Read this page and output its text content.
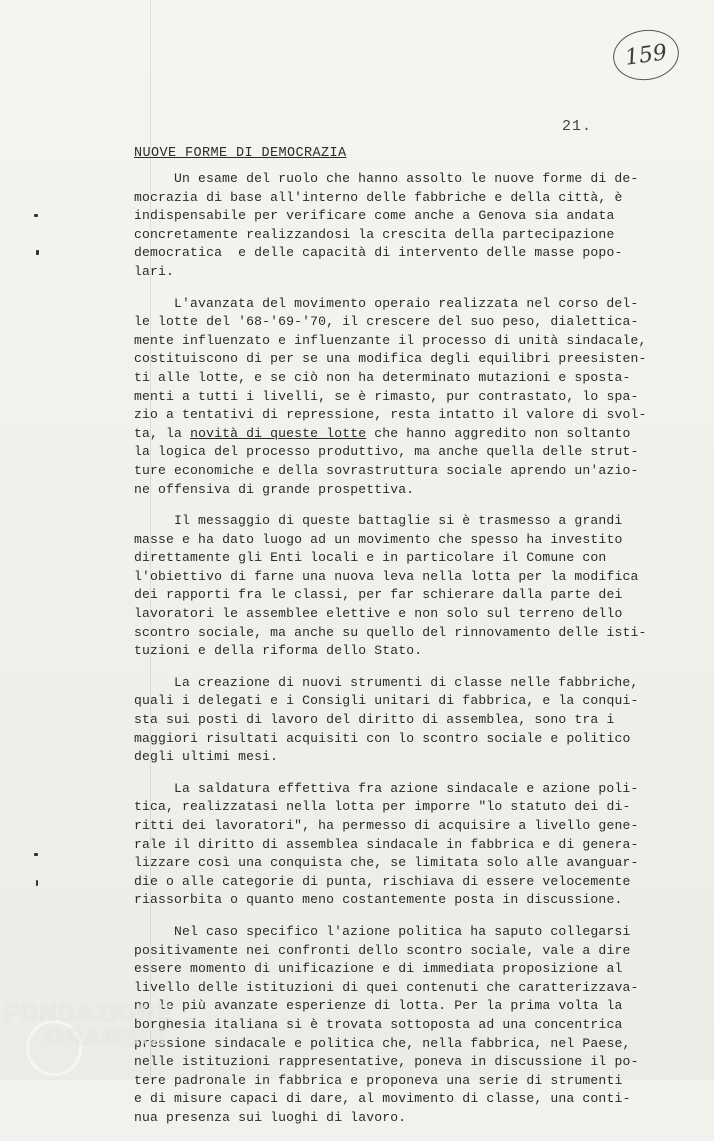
159
21.
NUOVE FORME DI DEMOCRAZIA
Un esame del ruolo che hanno assolto le nuove forme di de-
mocrazia di base all'interno delle fabbriche e della città, è
indispensabile per verificare come anche a Genova sia andata
concretamente realizzandosi la crescita della partecipazione
democratica  e delle capacità di intervento delle masse popo-
lari.
L'avanzata del movimento operaio realizzata nel corso del-
le lotte del '68-'69-'70, il crescere del suo peso, dialettica-
mente influenzato e influenzante il processo di unità sindacale,
costituiscono di per se una modifica degli equilibri preesisten-
ti alle lotte, e se ciò non ha determinato mutazioni e sposta-
menti a tutti i livelli, se è rimasto, pur contrastato, lo spa-
zio a tentativi di repressione, resta intatto il valore di svol-
ta, la novità di queste lotte che hanno aggredito non soltanto
la logica del processo produttivo, ma anche quella delle strut-
ture economiche e della sovrastruttura sociale aprendo un'azio-
ne offensiva di grande prospettiva.
Il messaggio di queste battaglie si è trasmesso a grandi
masse e ha dato luogo ad un movimento che spesso ha investito
direttamente gli Enti locali e in particolare il Comune con
l'obiettivo di farne una nuova leva nella lotta per la modifica
dei rapporti fra le classi, per far schierare dalla parte dei
lavoratori le assemblee elettive e non solo sul terreno dello
scontro sociale, ma anche su quello del rinnovamento delle isti-
tuzioni e della riforma dello Stato.
La creazione di nuovi strumenti di classe nelle fabbriche,
quali i delegati e i Consigli unitari di fabbrica, e la conqui-
sta sui posti di lavoro del diritto di assemblea, sono tra i
maggiori risultati acquisiti con lo scontro sociale e politico
degli ultimi mesi.
La saldatura effettiva fra azione sindacale e azione poli-
tica, realizzatasi nella lotta per imporre "lo statuto dei di-
ritti dei lavoratori", ha permesso di acquisire a livello gene-
rale il diritto di assemblea sindacale in fabbrica e di genera-
lizzare così una conquista che, se limitata solo alle avanguar-
die o alle categorie di punta, rischiava di essere velocemente
riassorbita o quanto meno costantemente posta in discussione.
Nel caso specifico l'azione politica ha saputo collegarsi
positivamente nei confronti dello scontro sociale, vale a dire
essere momento di unificazione e di immediata proposizione al
livello delle istituzioni di quei contenuti che caratterizzava-
no le più avanzate esperienze di lotta. Per la prima volta la
borghesia italiana si è trovata sottoposta ad una concentrica
pressione sindacale e politica che, nella fabbrica, nel Paese,
nelle istituzioni rappresentative, poneva in discussione il po-
tere padronale in fabbrica e proponeva una serie di strumenti
e di misure capaci di dare, al movimento di classe, una conti-
nua presenza sui luoghi di lavoro.
FONDAZIONE
GRAMSCI
